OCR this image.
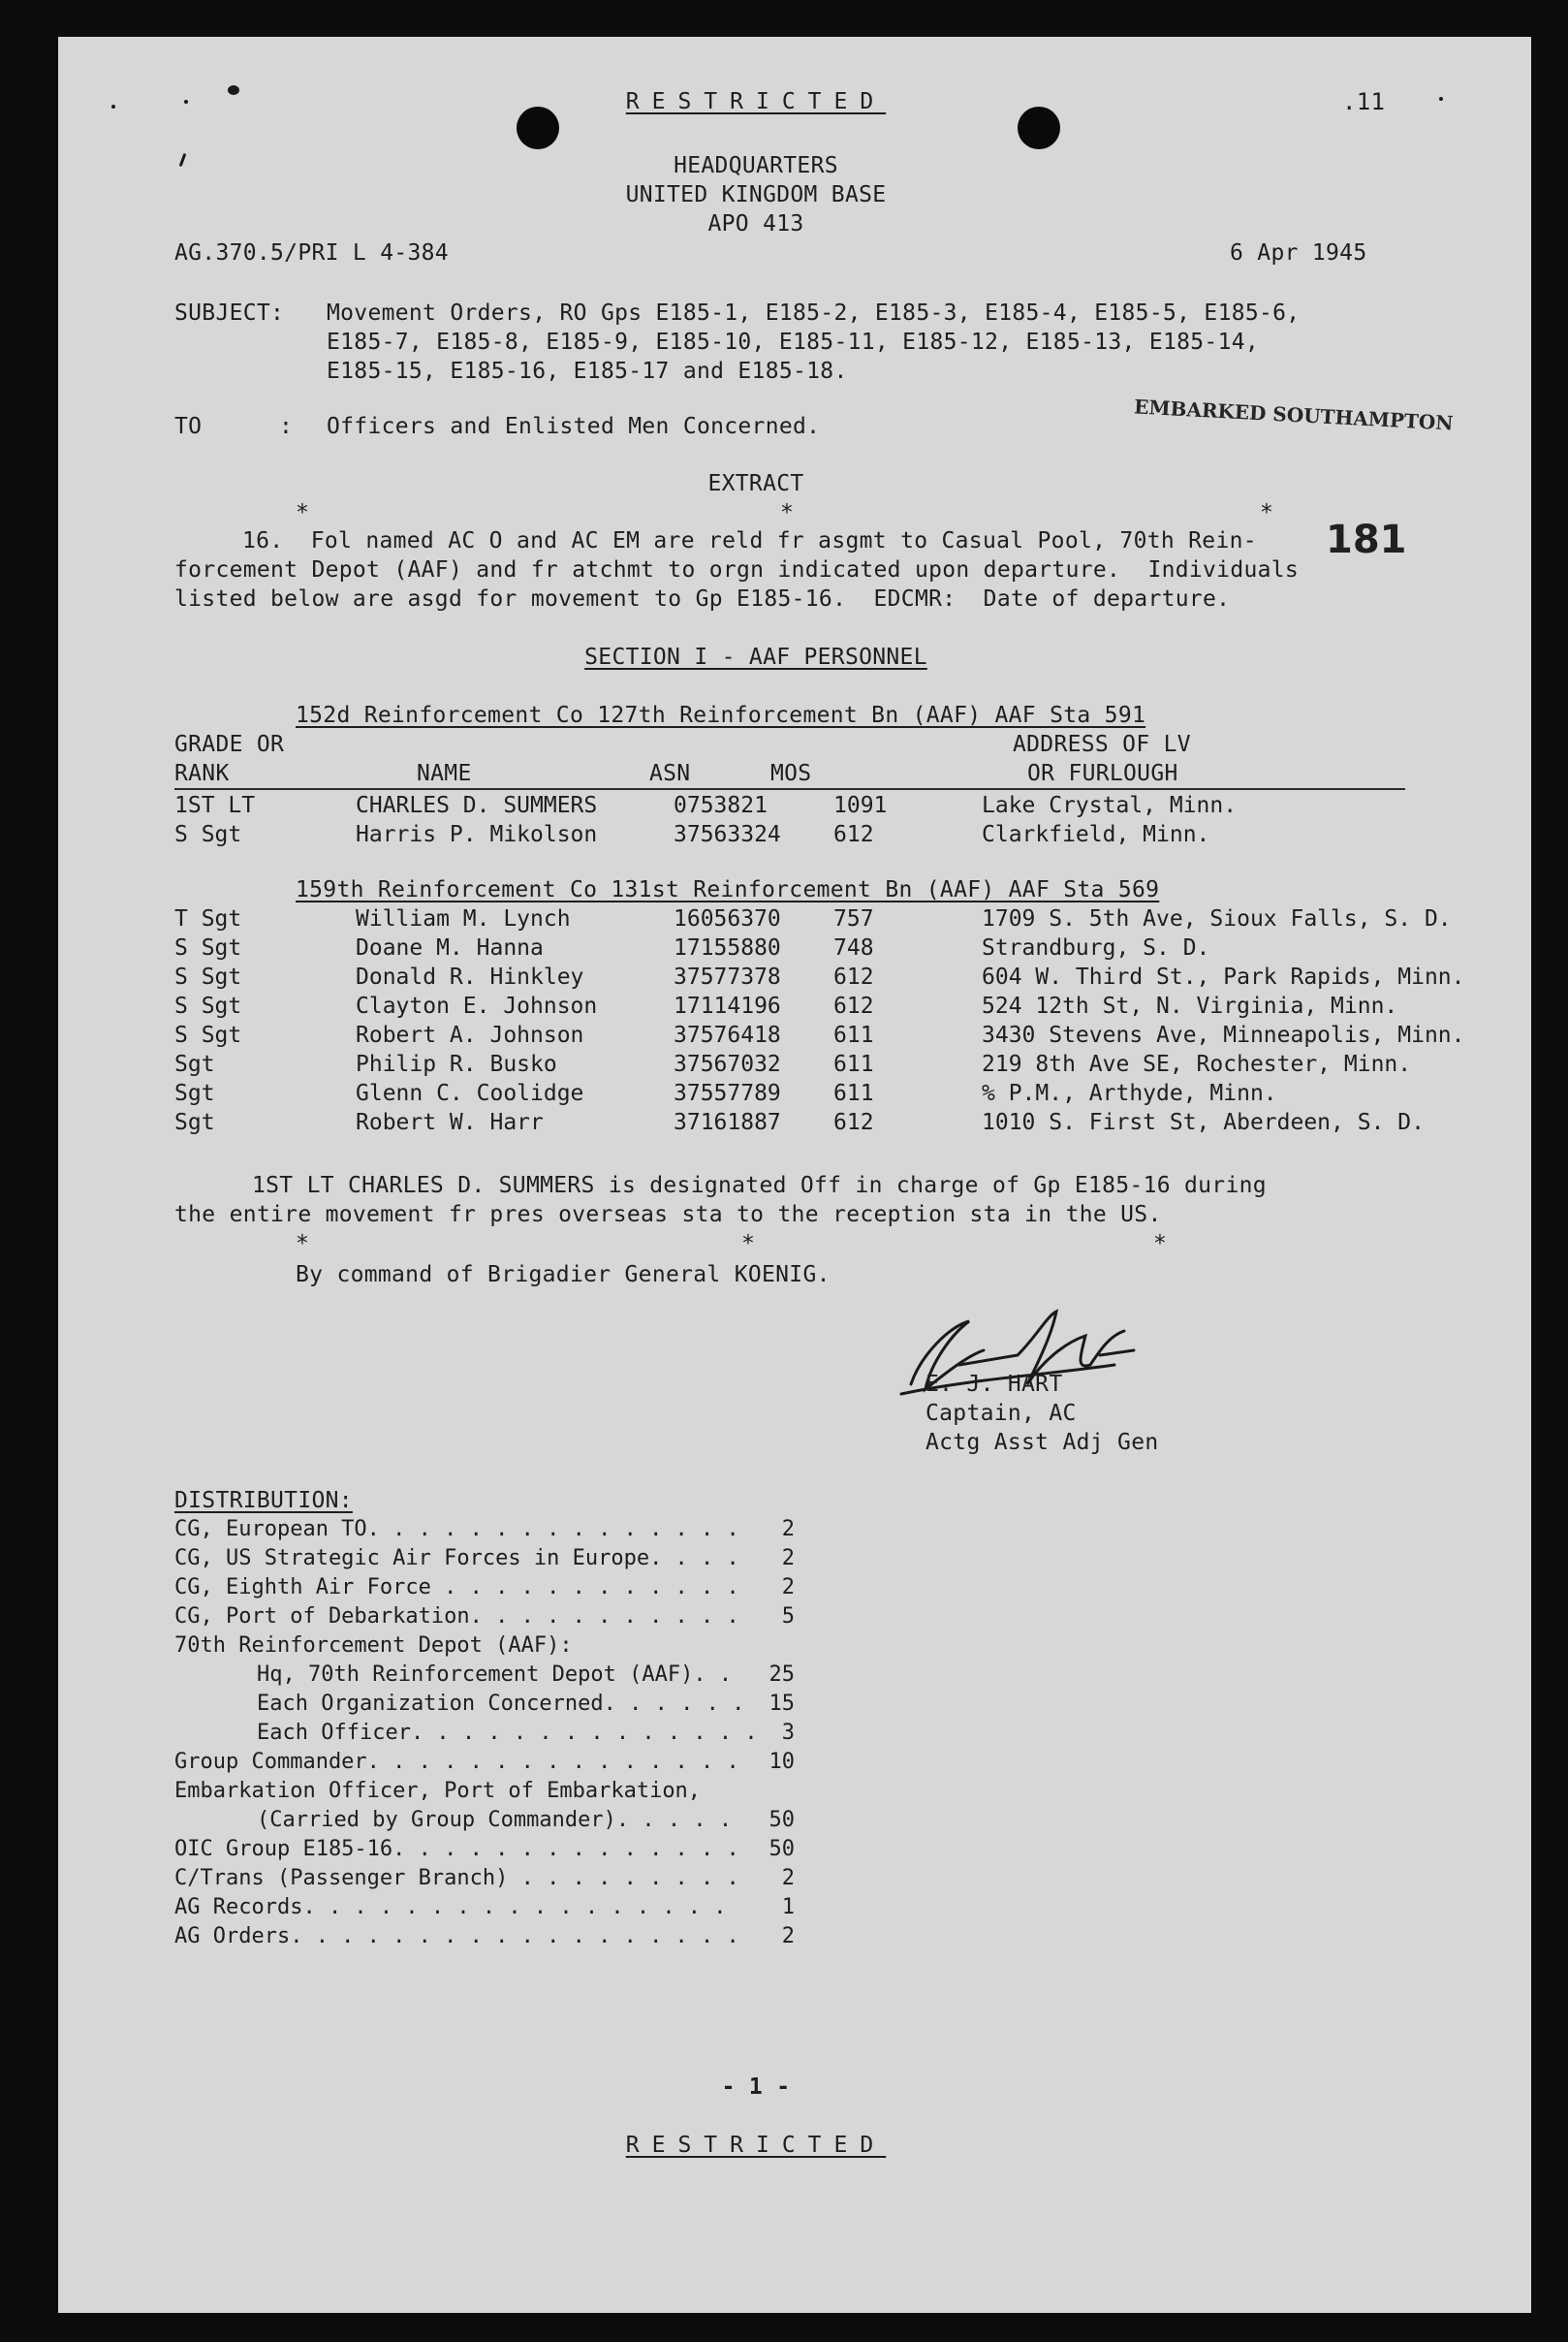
RESTRICTED	.11
HEADQUARTERS
UNITED KINGDOM BASE
APO 413
AG.370.5/PRI L 4-384	6 Apr 1945
SUBJECT: Movement Orders, RO Gps E185-1, E185-2, E185-3, E185-4, E185-5, E185-6,
E185-7, E185-8, E185-9, E185-10, E185-11, E185-12, E185-13, E185-14,
E185-15, E185-16, E185-17 and E185-18.
TO	: Officers and Enlisted Men Concerned.	EMBARKED SOUTHAMPTON
EXTRACT
*	*	*
16.  Fol named AC O and AC EM are reld fr asgmt to Casual Pool, 70th Rein- 181
forcement Depot (AAF) and fr atchmt to orgn indicated upon departure.  Individuals
listed below are asgd for movement to Gp E185-16.  EDCMR:  Date of departure.
SECTION I - AAF PERSONNEL
152d Reinforcement Co 127th Reinforcement Bn (AAF) AAF Sta 591
GRADE OR
RANK	NAME	ASN	MOS
ADDRESS OF LV
OR FURLOUGH
1ST LT	CHARLES D. SUMMERS	0753821	1091	Lake Crystal, Minn.
S Sgt	Harris P. Mikolson	37563324 612	Clarkfield, Minn.
159th Reinforcement Co 131st Reinforcement Bn (AAF) AAF Sta 569
T Sgt	William M. Lynch	16056370 757	1709 S. 5th Ave, Sioux Falls, S. D.
S Sgt	Doane M. Hanna	17155880 748	Strandburg, S. D.
S Sgt	Donald R. Hinkley	37577378 612	604 W. Third St., Park Rapids, Minn.
S Sgt	Clayton E. Johnson	17114196 612	524 12th St, N. Virginia, Minn.
S Sgt	Robert A. Johnson	37576418 611	3430 Stevens Ave, Minneapolis, Minn.
Sgt	Philip R. Busko	37567032 611	219 8th Ave SE, Rochester, Minn.
Sgt	Glenn C. Coolidge	37557789 611	% P.M., Arthyde, Minn.
Sgt	Robert W. Harr	37161887 612	1010 S. First St, Aberdeen, S. D.
1ST LT CHARLES D. SUMMERS is designated Off in charge of Gp E185-16 during
the entire movement fr pres overseas sta to the reception sta in the US.
*	*	*
By command of Brigadier General KOENIG.
E. J. HART
Captain, AC
Actg Asst Adj Gen
DISTRIBUTION:
CG, European TO. . . . . . . . . . . . . . . 2
CG, US Strategic Air Forces in Europe. . . . 2
CG, Eighth Air Force . . . . . . . . . . . . 2
CG, Port of Debarkation. . . . . . . . . . . 5
70th Reinforcement Depot (AAF):
Hq, 70th Reinforcement Depot (AAF). . 25
Each Organization Concerned. . . . . . 15
Each Officer. . . . . . . . . . . . . . 3
Group Commander. . . . . . . . . . . . . . . 10
Embarkation Officer, Port of Embarkation,
(Carried by Group Commander). . . . . 50
OIC Group E185-16. . . . . . . . . . . . . . 50
C/Trans (Passenger Branch) . . . . . . . . . 2
AG Records. . . . . . . . . . . . . . . . .	1
AG Orders. . . . . . . . . . . . . . . . . . 2
- 1 -
RESTRICTED
